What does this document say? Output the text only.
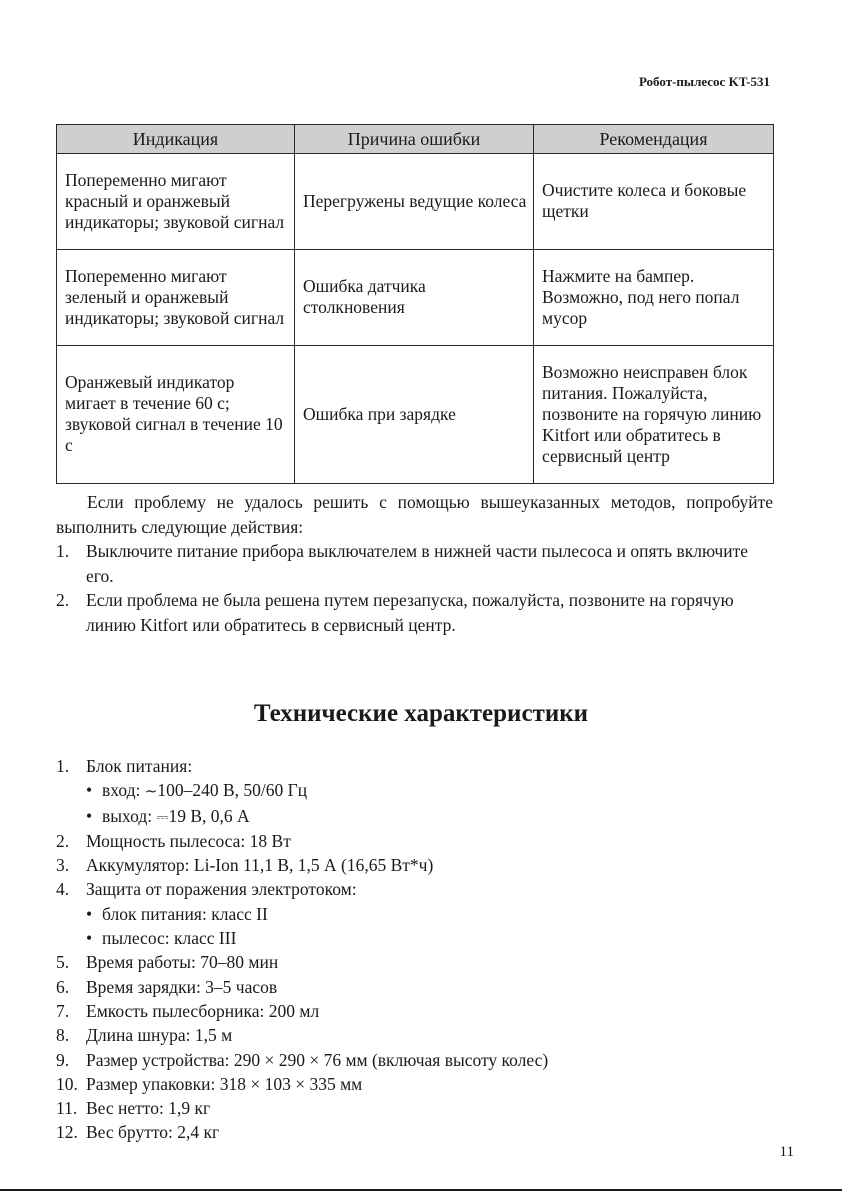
Робот-пылесос KT-531
Индикация	Причина ошибки	Рекомендация
Попеременно мигают красный и оранжевый индикаторы; звуковой сигнал	Перегружены ведущие колеса	Очистите колеса и боковые щетки
Попеременно мигают зеленый и оранжевый индикаторы; звуковой сигнал	Ошибка датчика столкновения	Нажмите на бампер. Возможно, под него попал мусор
Оранжевый индикатор мигает в течение 60 с; звуковой сигнал в течение 10 с	Ошибка при зарядке	Возможно неисправен блок питания. Пожалуйста, позвоните на горячую линию Kitfort или обратитесь в сервисный центр

Если проблему не удалось решить с помощью вышеуказанных методов, попробуйте выполнить следующие действия:

1. Выключите питание прибора выключателем в нижней части пылесоса и опять включите его.
2. Если проблема не была решена путем перезапуска, пожалуйста, позвоните на горячую линию Kitfort или обратитесь в сервисный центр.
Технические характеристики
1. Блок питания:
• вход: ∼100–240 В, 50/60 Гц
• выход: ⎓19 В, 0,6 А
2. Мощность пылесоса: 18 Вт
3. Аккумулятор: Li-Ion 11,1 В, 1,5 А (16,65 Вт*ч)
4. Защита от поражения электротоком:
• блок питания: класс II
• пылесос: класс III
5. Время работы: 70–80 мин
6. Время зарядки: 3–5 часов
7. Емкость пылесборника: 200 мл
8. Длина шнура: 1,5 м
9. Размер устройства: 290 × 290 × 76 мм (включая высоту колес)
10. Размер упаковки: 318 × 103 × 335 мм
11. Вес нетто: 1,9 кг
12. Вес брутто: 2,4 кг
11
